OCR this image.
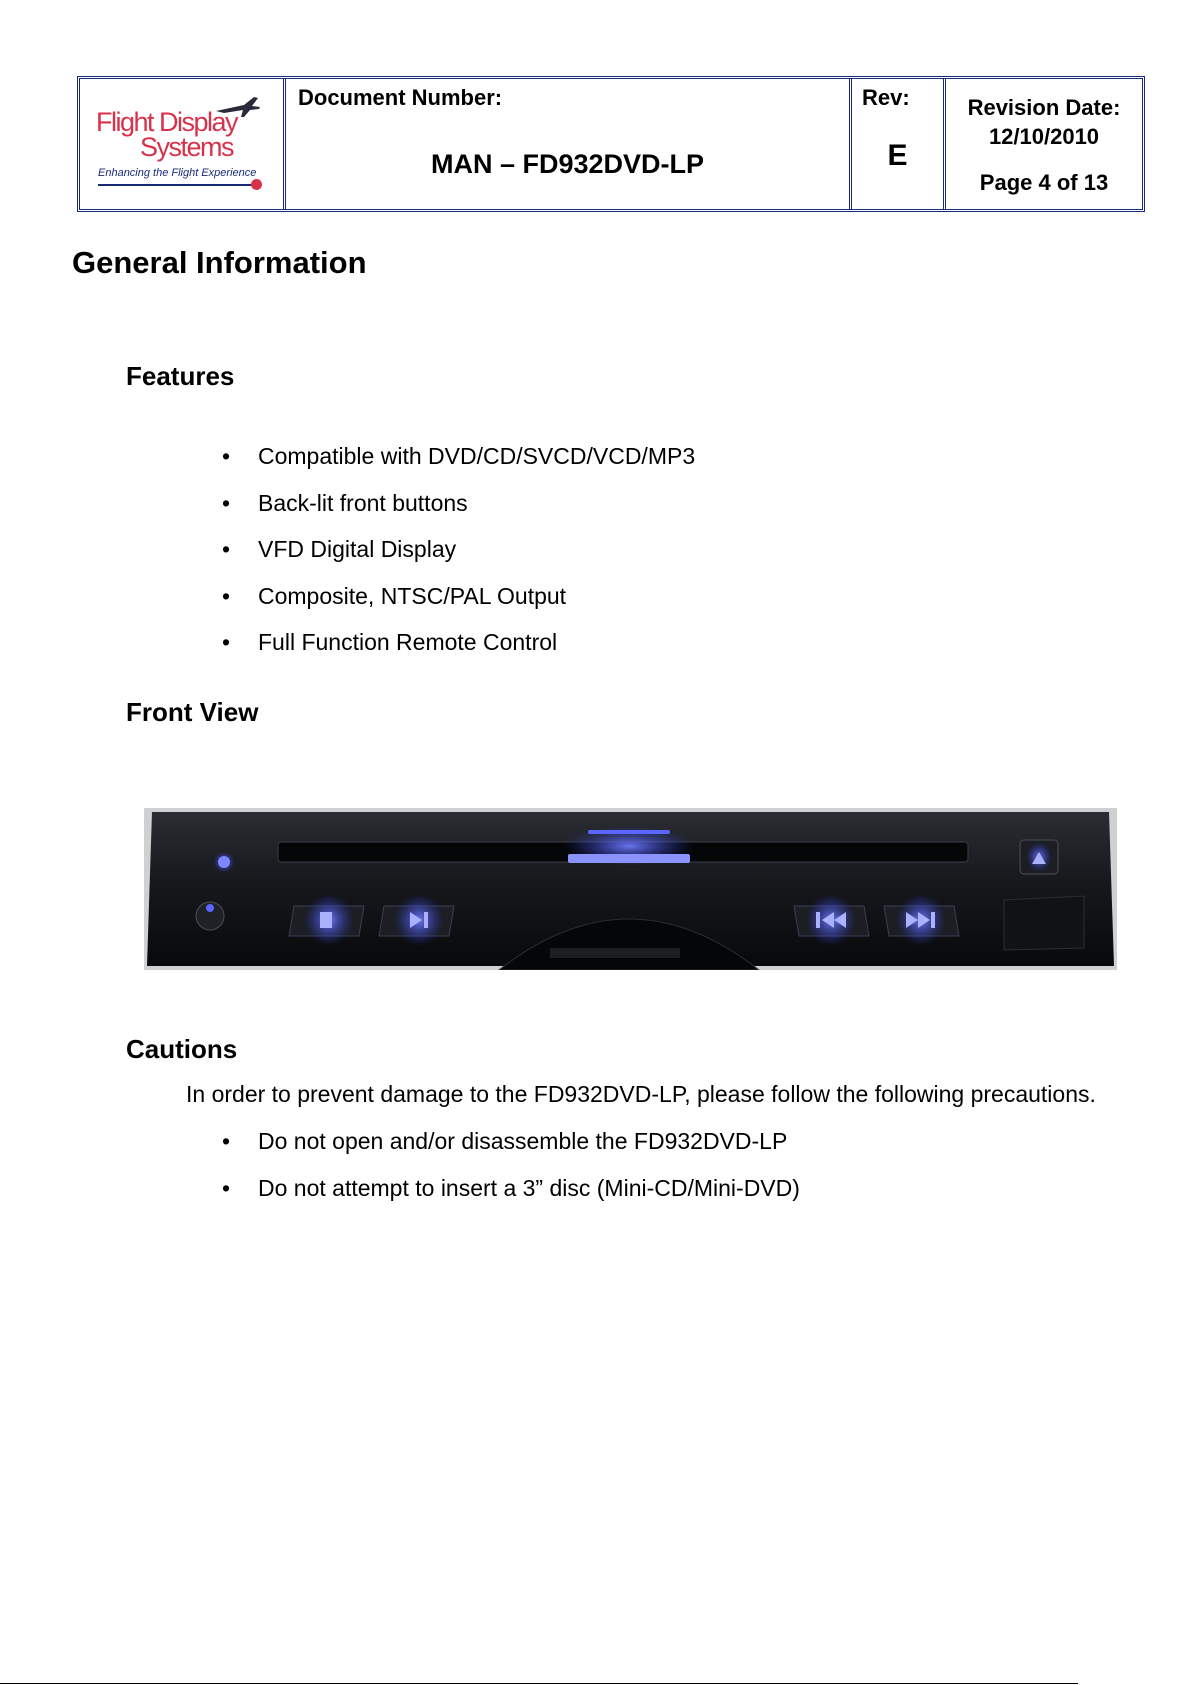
Flight Display
Systems
Enhancing the Flight Experience
Document Number:
MAN – FD932DVD-LP
Rev:
E
Revision Date:
12/10/2010
Page 4 of 13
General Information
Features
• Compatible with DVD/CD/SVCD/VCD/MP3
• Back-lit front buttons
• VFD Digital Display
• Composite, NTSC/PAL Output
• Full Function Remote Control
Front View
Cautions
In order to prevent damage to the FD932DVD-LP, please follow the following precautions.
• Do not open and/or disassemble the FD932DVD-LP
• Do not attempt to insert a 3” disc (Mini-CD/Mini-DVD)
